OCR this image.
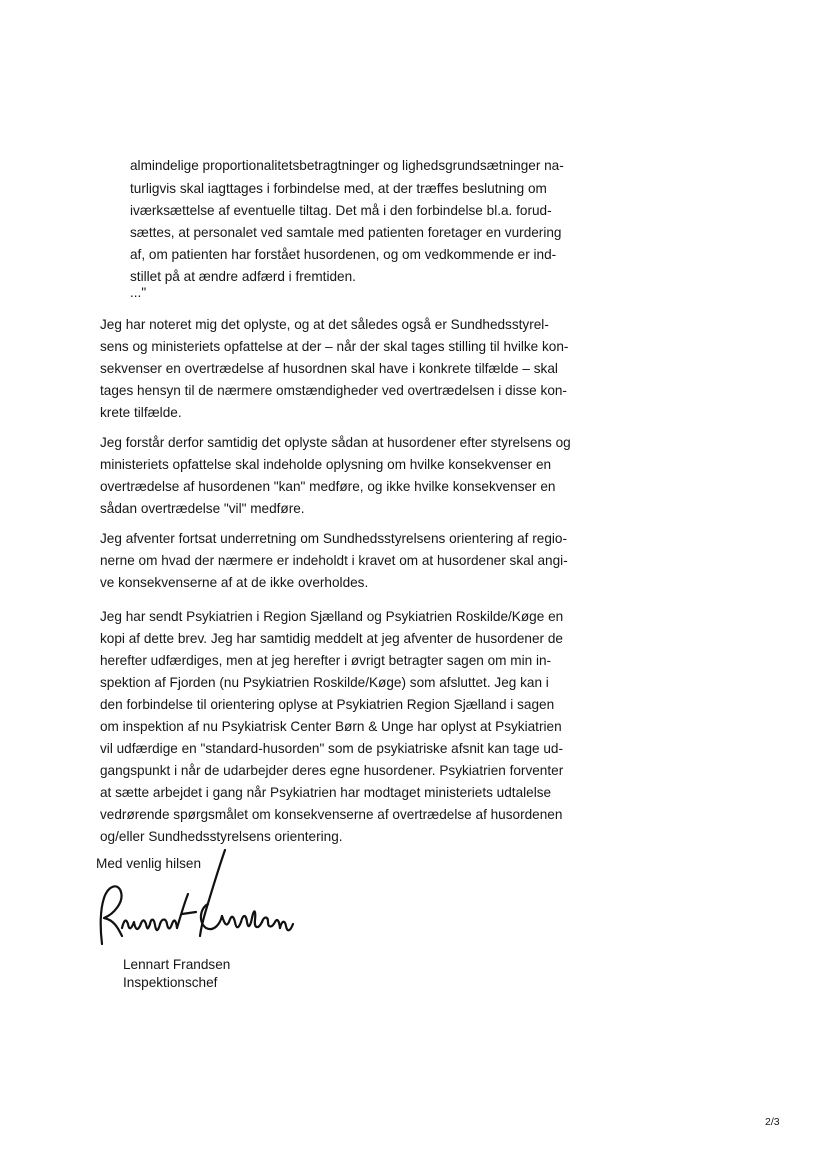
almindelige proportionalitetsbetragtninger og lighedsgrundsætninger na-
turligvis skal iagttages i forbindelse med, at der træffes beslutning om
iværksættelse af eventuelle tiltag. Det må i den forbindelse bl.a. forud-
sættes, at personalet ved samtale med patienten foretager en vurdering
af, om patienten har forstået husordenen, og om vedkommende er ind-
stillet på at ændre adfærd i fremtiden.
..."
Jeg har noteret mig det oplyste, og at det således også er Sundhedsstyrel-
sens og ministeriets opfattelse at der – når der skal tages stilling til hvilke kon-
sekvenser en overtrædelse af husordnen skal have i konkrete tilfælde – skal
tages hensyn til de nærmere omstændigheder ved overtrædelsen i disse kon-
krete tilfælde.
Jeg forstår derfor samtidig det oplyste sådan at husordener efter styrelsens og
ministeriets opfattelse skal indeholde oplysning om hvilke konsekvenser en
overtrædelse af husordenen "kan" medføre, og ikke hvilke konsekvenser en
sådan overtrædelse "vil" medføre.
Jeg afventer fortsat underretning om Sundhedsstyrelsens orientering af regio-
nerne om hvad der nærmere er indeholdt i kravet om at husordener skal angi-
ve konsekvenserne af at de ikke overholdes.
Jeg har sendt Psykiatrien i Region Sjælland og Psykiatrien Roskilde/Køge en
kopi af dette brev. Jeg har samtidig meddelt at jeg afventer de husordener de
herefter udfærdiges, men at jeg herefter i øvrigt betragter sagen om min in-
spektion af Fjorden (nu Psykiatrien Roskilde/Køge) som afsluttet. Jeg kan i
den forbindelse til orientering oplyse at Psykiatrien Region Sjælland i sagen
om inspektion af nu Psykiatrisk Center Børn & Unge har oplyst at Psykiatrien
vil udfærdige en "standard-husorden" som de psykiatriske afsnit kan tage ud-
gangspunkt i når de udarbejder deres egne husordener. Psykiatrien forventer
at sætte arbejdet i gang når Psykiatrien har modtaget ministeriets udtalelse
vedrørende spørgsmålet om konsekvenserne af overtrædelse af husordenen
og/eller Sundhedsstyrelsens orientering.
Med venlig hilsen
Lennart Frandsen
Inspektionschef
2/3
